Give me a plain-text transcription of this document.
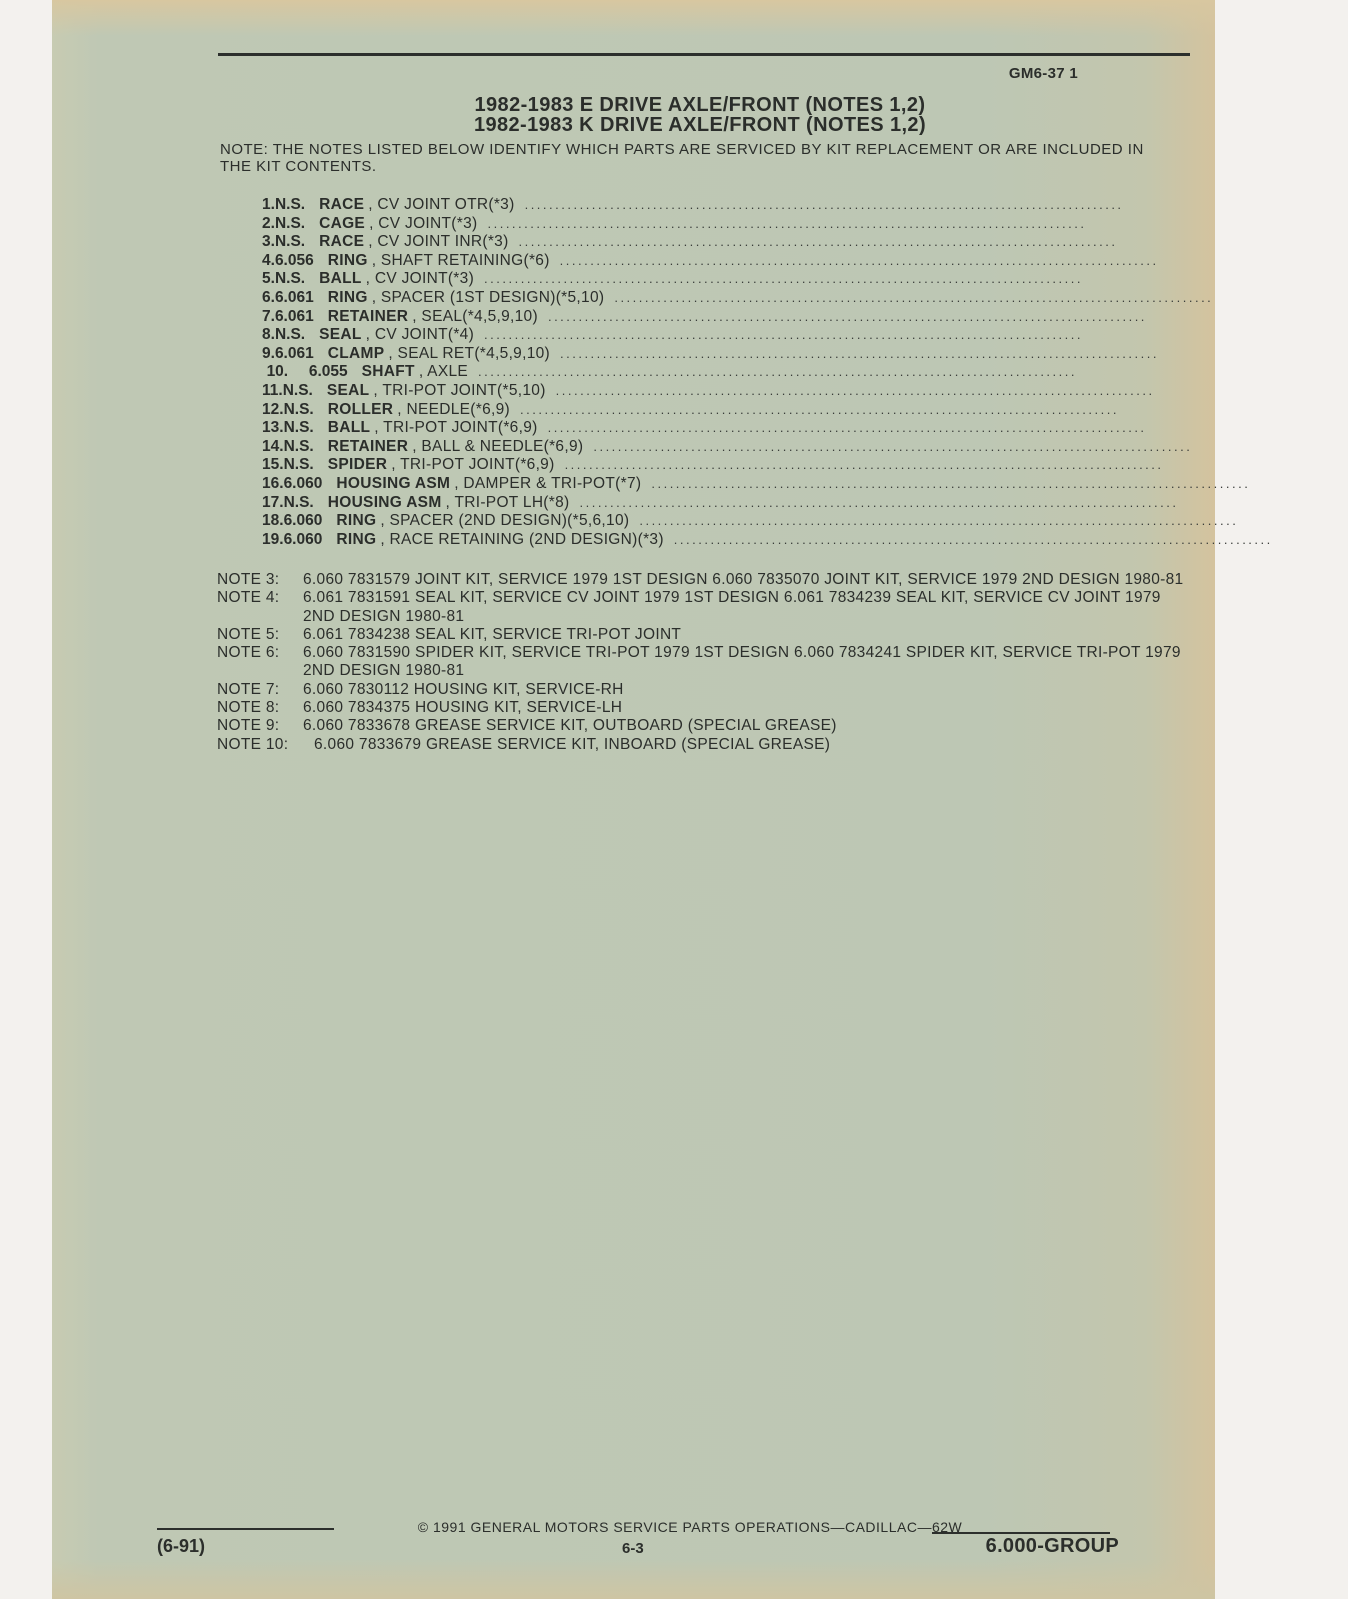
GM6-37 1
1982-1983 E DRIVE AXLE/FRONT (NOTES 1,2)
1982-1983 K DRIVE AXLE/FRONT (NOTES 1,2)
NOTE: THE NOTES LISTED BELOW IDENTIFY WHICH PARTS ARE SERVICED BY KIT REPLACEMENT OR ARE INCLUDED IN THE KIT CONTENTS.
1. N.S. RACE , CV JOINT OTR(*3) ..................................................................................................
2. N.S. CAGE , CV JOINT(*3) ..................................................................................................
3. N.S. RACE , CV JOINT INR(*3) ..................................................................................................
4. 6.056 RING , SHAFT RETAINING(*6) ..................................................................................................
5. N.S. BALL , CV JOINT(*3) ..................................................................................................
6. 6.061 RING , SPACER (1ST DESIGN)(*5,10) ..................................................................................................
7. 6.061 RETAINER , SEAL(*4,5,9,10) ..................................................................................................
8. N.S. SEAL , CV JOINT(*4) ..................................................................................................
9. 6.061 CLAMP , SEAL RET(*4,5,9,10) ..................................................................................................
10.	6.055 SHAFT , AXLE ..................................................................................................
11. N.S. SEAL , TRI-POT JOINT(*5,10) ..................................................................................................
12. N.S. ROLLER , NEEDLE(*6,9) ..................................................................................................
13. N.S. BALL , TRI-POT JOINT(*6,9) ..................................................................................................
14. N.S. RETAINER , BALL & NEEDLE(*6,9) ..................................................................................................
15. N.S. SPIDER , TRI-POT JOINT(*6,9) ..................................................................................................
16. 6.060 HOUSING ASM , DAMPER & TRI-POT(*7) ..................................................................................................
17. N.S. HOUSING ASM , TRI-POT LH(*8) ..................................................................................................
18. 6.060 RING , SPACER (2ND DESIGN)(*5,6,10) ..................................................................................................
19. 6.060 RING , RACE RETAINING (2ND DESIGN)(*3) ..................................................................................................
NOTE 3:	6.060 7831579 JOINT KIT, SERVICE 1979 1ST DESIGN 6.060 7835070 JOINT KIT, SERVICE 1979 2ND DESIGN 1980-81
NOTE 4:	6.061 7831591 SEAL KIT, SERVICE CV JOINT 1979 1ST DESIGN 6.061 7834239 SEAL KIT, SERVICE CV JOINT 1979 2ND DESIGN 1980-81
NOTE 5:	6.061 7834238 SEAL KIT, SERVICE TRI-POT JOINT
NOTE 6:	6.060 7831590 SPIDER KIT, SERVICE TRI-POT 1979 1ST DESIGN 6.060 7834241 SPIDER KIT, SERVICE TRI-POT 1979 2ND DESIGN 1980-81
NOTE 7:	6.060 7830112 HOUSING KIT, SERVICE-RH
NOTE 8:	6.060 7834375 HOUSING KIT, SERVICE-LH
NOTE 9:	6.060 7833678 GREASE SERVICE KIT, OUTBOARD (SPECIAL GREASE)
NOTE 10:	6.060 7833679 GREASE SERVICE KIT, INBOARD (SPECIAL GREASE)
© 1991 GENERAL MOTORS SERVICE PARTS OPERATIONS—CADILLAC—62W
(6-91)	6-3	6.000-GROUP
